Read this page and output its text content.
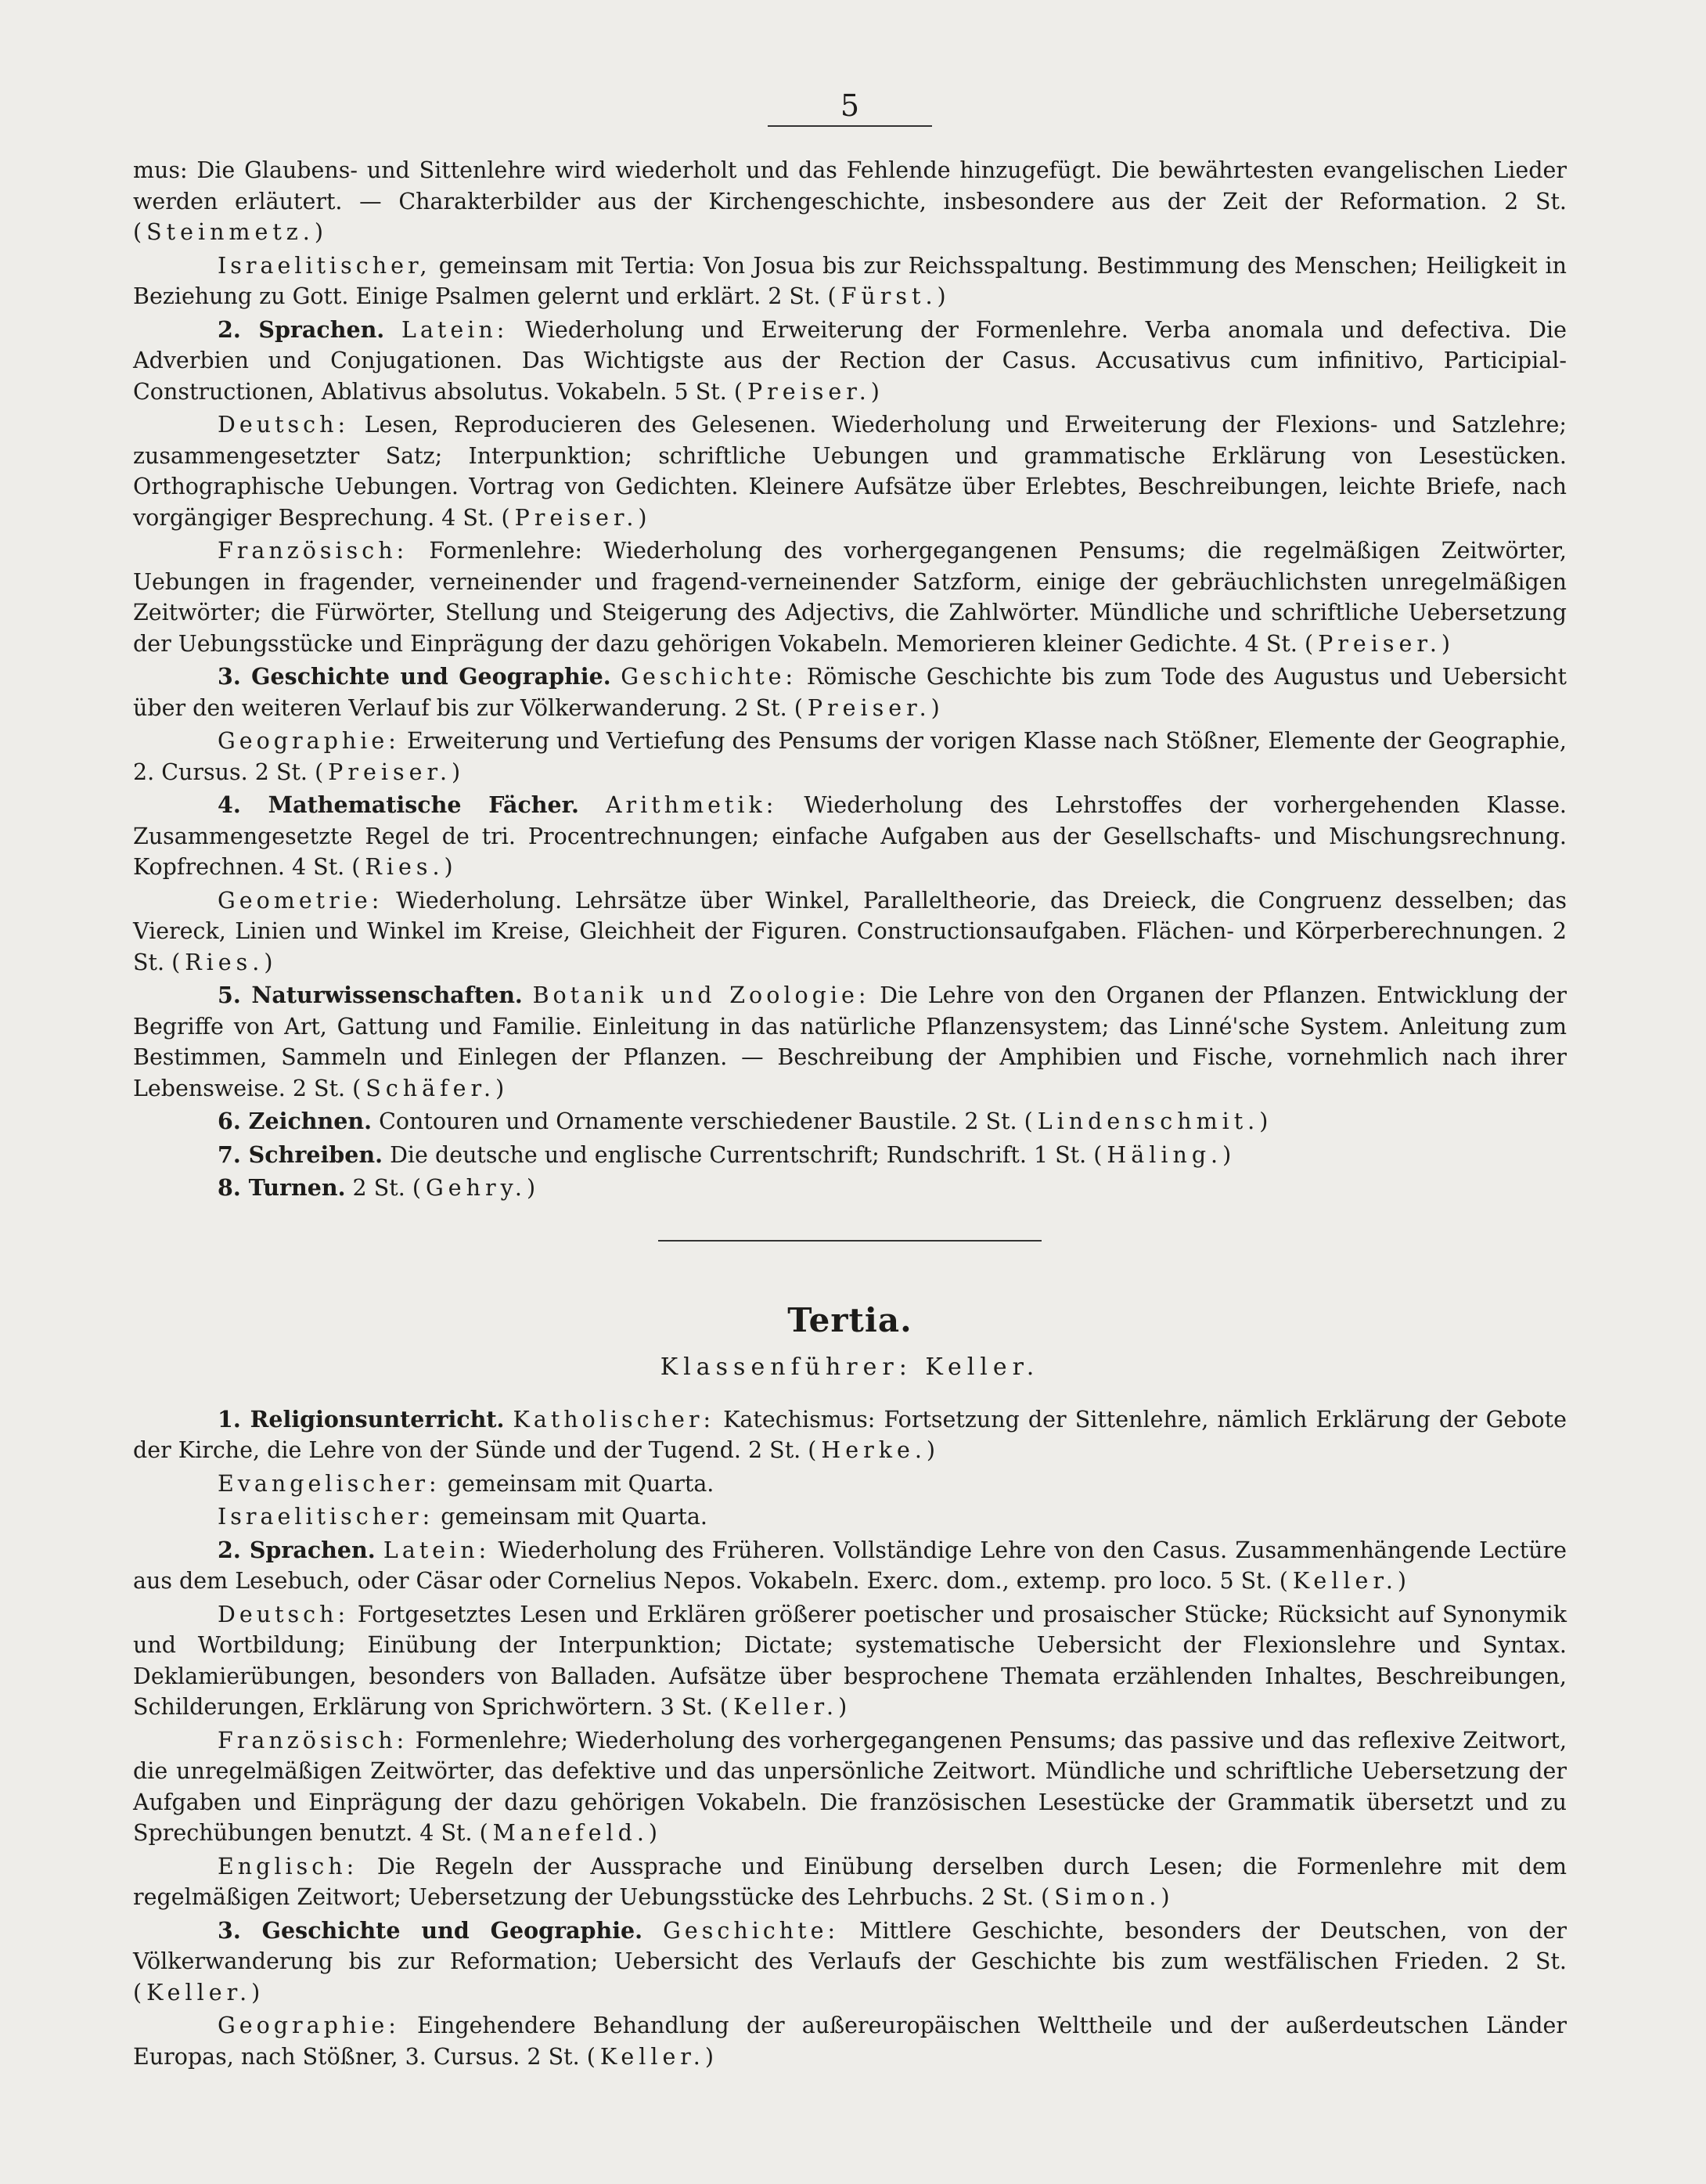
5

mus: Die Glaubens- und Sittenlehre wird wiederholt und das Fehlende hinzugefügt. Die bewährtesten evangelischen Lieder werden erläutert. — Charakterbilder aus der Kirchengeschichte, insbesondere aus der Zeit der Reformation. 2 St. (Steinmetz.)

Israelitischer, gemeinsam mit Tertia: Von Josua bis zur Reichsspaltung. Bestimmung des Menschen; Heiligkeit in Beziehung zu Gott. Einige Psalmen gelernt und erklärt. 2 St. (Fürst.)

2. Sprachen. Latein: Wiederholung und Erweiterung der Formenlehre. Verba anomala und defectiva. Die Adverbien und Conjugationen. Das Wichtigste aus der Rection der Casus. Accusativus cum infinitivo, Participial-Constructionen, Ablativus absolutus. Vokabeln. 5 St. (Preiser.)

Deutsch: Lesen, Reproducieren des Gelesenen. Wiederholung und Erweiterung der Flexions- und Satzlehre; zusammengesetzter Satz; Interpunktion; schriftliche Uebungen und grammatische Erklärung von Lesestücken. Orthographische Uebungen. Vortrag von Gedichten. Kleinere Aufsätze über Erlebtes, Beschreibungen, leichte Briefe, nach vorgängiger Besprechung. 4 St. (Preiser.)

Französisch: Formenlehre: Wiederholung des vorhergegangenen Pensums; die regelmäßigen Zeitwörter, Uebungen in fragender, verneinender und fragend-verneinender Satzform, einige der gebräuchlichsten unregelmäßigen Zeitwörter; die Fürwörter, Stellung und Steigerung des Adjectivs, die Zahlwörter. Mündliche und schriftliche Uebersetzung der Uebungsstücke und Einprägung der dazu gehörigen Vokabeln. Memorieren kleiner Gedichte. 4 St. (Preiser.)

3. Geschichte und Geographie. Geschichte: Römische Geschichte bis zum Tode des Augustus und Uebersicht über den weiteren Verlauf bis zur Völkerwanderung. 2 St. (Preiser.)

Geographie: Erweiterung und Vertiefung des Pensums der vorigen Klasse nach Stößner, Elemente der Geographie, 2. Cursus. 2 St. (Preiser.)

4. Mathematische Fächer. Arithmetik: Wiederholung des Lehrstoffes der vorhergehenden Klasse. Zusammengesetzte Regel de tri. Procentrechnungen; einfache Aufgaben aus der Gesellschafts- und Mischungsrechnung. Kopfrechnen. 4 St. (Ries.)

Geometrie: Wiederholung. Lehrsätze über Winkel, Paralleltheorie, das Dreieck, die Congruenz desselben; das Viereck, Linien und Winkel im Kreise, Gleichheit der Figuren. Constructionsaufgaben. Flächen- und Körperberechnungen. 2 St. (Ries.)

5. Naturwissenschaften. Botanik und Zoologie: Die Lehre von den Organen der Pflanzen. Entwicklung der Begriffe von Art, Gattung und Familie. Einleitung in das natürliche Pflanzensystem; das Linné'sche System. Anleitung zum Bestimmen, Sammeln und Einlegen der Pflanzen. — Beschreibung der Amphibien und Fische, vornehmlich nach ihrer Lebensweise. 2 St. (Schäfer.)

6. Zeichnen. Contouren und Ornamente verschiedener Baustile. 2 St. (Lindenschmit.)

7. Schreiben. Die deutsche und englische Currentschrift; Rundschrift. 1 St. (Häling.)

8. Turnen. 2 St. (Gehry.)

Tertia.
Klassenführer: Keller.

1. Religionsunterricht. Katholischer: Katechismus: Fortsetzung der Sittenlehre, nämlich Erklärung der Gebote der Kirche, die Lehre von der Sünde und der Tugend. 2 St. (Herke.)

Evangelischer: gemeinsam mit Quarta.

Israelitischer: gemeinsam mit Quarta.

2. Sprachen. Latein: Wiederholung des Früheren. Vollständige Lehre von den Casus. Zusammenhängende Lectüre aus dem Lesebuch, oder Cäsar oder Cornelius Nepos. Vokabeln. Exerc. dom., extemp. pro loco. 5 St. (Keller.)

Deutsch: Fortgesetztes Lesen und Erklären größerer poetischer und prosaischer Stücke; Rücksicht auf Synonymik und Wortbildung; Einübung der Interpunktion; Dictate; systematische Uebersicht der Flexionslehre und Syntax. Deklamierübungen, besonders von Balladen. Aufsätze über besprochene Themata erzählenden Inhaltes, Beschreibungen, Schilderungen, Erklärung von Sprichwörtern. 3 St. (Keller.)

Französisch: Formenlehre; Wiederholung des vorhergegangenen Pensums; das passive und das reflexive Zeitwort, die unregelmäßigen Zeitwörter, das defektive und das unpersönliche Zeitwort. Mündliche und schriftliche Uebersetzung der Aufgaben und Einprägung der dazu gehörigen Vokabeln. Die französischen Lesestücke der Grammatik übersetzt und zu Sprechübungen benutzt. 4 St. (Manefeld.)

Englisch: Die Regeln der Aussprache und Einübung derselben durch Lesen; die Formenlehre mit dem regelmäßigen Zeitwort; Uebersetzung der Uebungsstücke des Lehrbuchs. 2 St. (Simon.)

3. Geschichte und Geographie. Geschichte: Mittlere Geschichte, besonders der Deutschen, von der Völkerwanderung bis zur Reformation; Uebersicht des Verlaufs der Geschichte bis zum westfälischen Frieden. 2 St. (Keller.)

Geographie: Eingehendere Behandlung der außereuropäischen Welttheile und der außerdeutschen Länder Europas, nach Stößner, 3. Cursus. 2 St. (Keller.)
